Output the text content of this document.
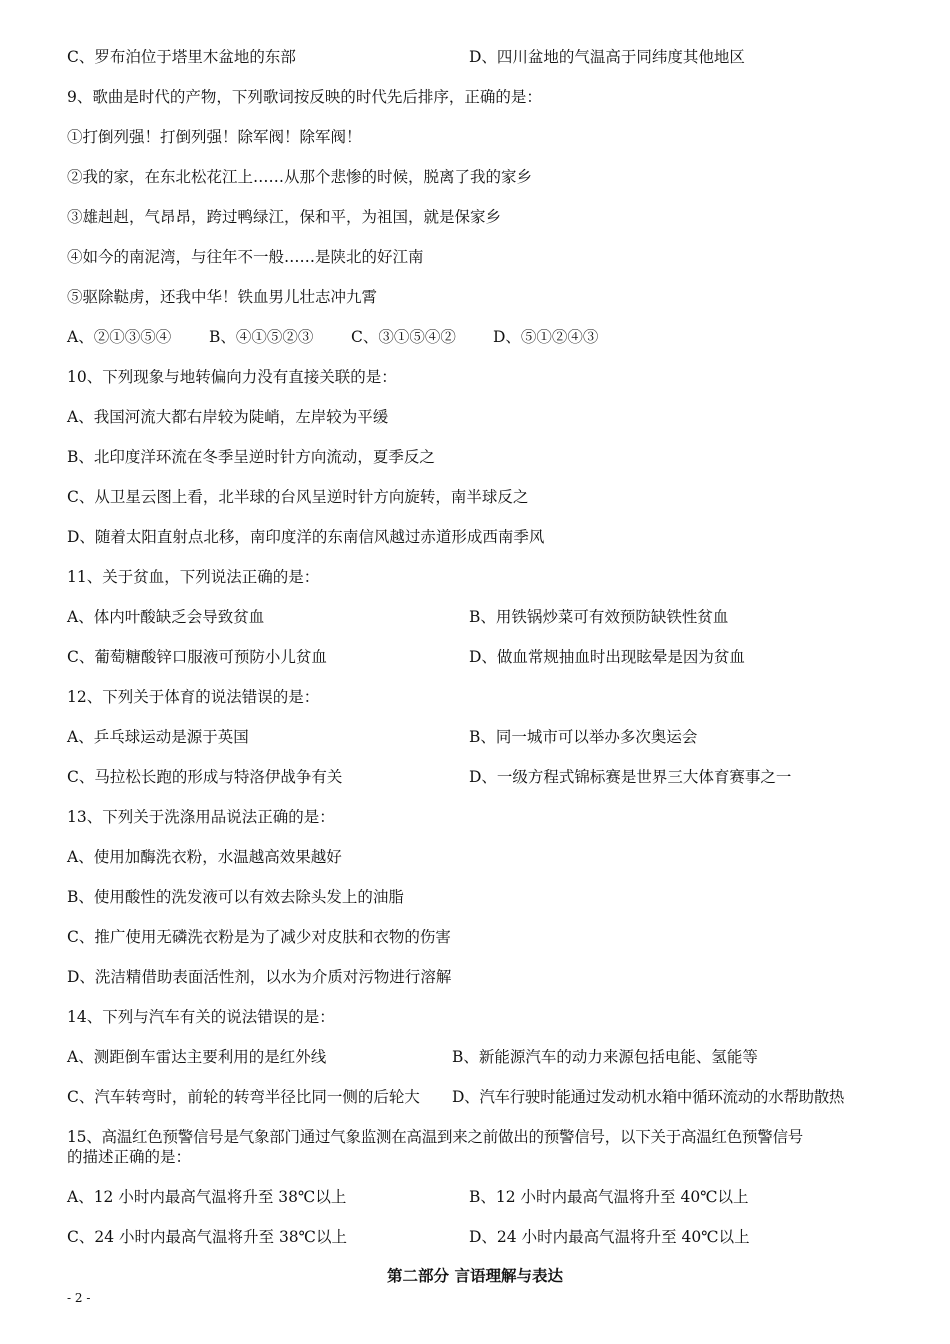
C、罗布泊位于塔里木盆地的东部	D、四川盆地的气温高于同纬度其他地区
9、歌曲是时代的产物，下列歌词按反映的时代先后排序，正确的是：
①打倒列强！打倒列强！除军阀！除军阀！
②我的家，在东北松花江上……从那个悲惨的时候，脱离了我的家乡
③雄赳赳，气昂昂，跨过鸭绿江，保和平，为祖国，就是保家乡
④如今的南泥湾，与往年不一般……是陕北的好江南
⑤驱除鞑虏，还我中华！铁血男儿壮志冲九霄
A、②①③⑤④ B、④①⑤②③ C、③①⑤④② D、⑤①②④③
10、下列现象与地转偏向力没有直接关联的是：
A、我国河流大都右岸较为陡峭，左岸较为平缓
B、北印度洋环流在冬季呈逆时针方向流动，夏季反之
C、从卫星云图上看，北半球的台风呈逆时针方向旋转，南半球反之
D、随着太阳直射点北移，南印度洋的东南信风越过赤道形成西南季风
11、关于贫血，下列说法正确的是：
A、体内叶酸缺乏会导致贫血	B、用铁锅炒菜可有效预防缺铁性贫血
C、葡萄糖酸锌口服液可预防小儿贫血	D、做血常规抽血时出现眩晕是因为贫血
12、下列关于体育的说法错误的是：
A、乒乓球运动是源于英国	B、同一城市可以举办多次奥运会
C、马拉松长跑的形成与特洛伊战争有关	D、一级方程式锦标赛是世界三大体育赛事之一
13、下列关于洗涤用品说法正确的是：
A、使用加酶洗衣粉，水温越高效果越好
B、使用酸性的洗发液可以有效去除头发上的油脂
C、推广使用无磷洗衣粉是为了减少对皮肤和衣物的伤害
D、洗洁精借助表面活性剂，以水为介质对污物进行溶解
14、下列与汽车有关的说法错误的是：
A、测距倒车雷达主要利用的是红外线	B、新能源汽车的动力来源包括电能、氢能等
C、汽车转弯时，前轮的转弯半径比同一侧的后轮大 D、汽车行驶时能通过发动机水箱中循环流动的水帮助散热
15、高温红色预警信号是气象部门通过气象监测在高温到来之前做出的预警信号，以下关于高温红色预警信号
的描述正确的是：
A、12 小时内最高气温将升至 38℃以上	B、12 小时内最高气温将升至 40℃以上
C、24 小时内最高气温将升至 38℃以上	D、24 小时内最高气温将升至 40℃以上
第二部分 言语理解与表达
- 2 -
